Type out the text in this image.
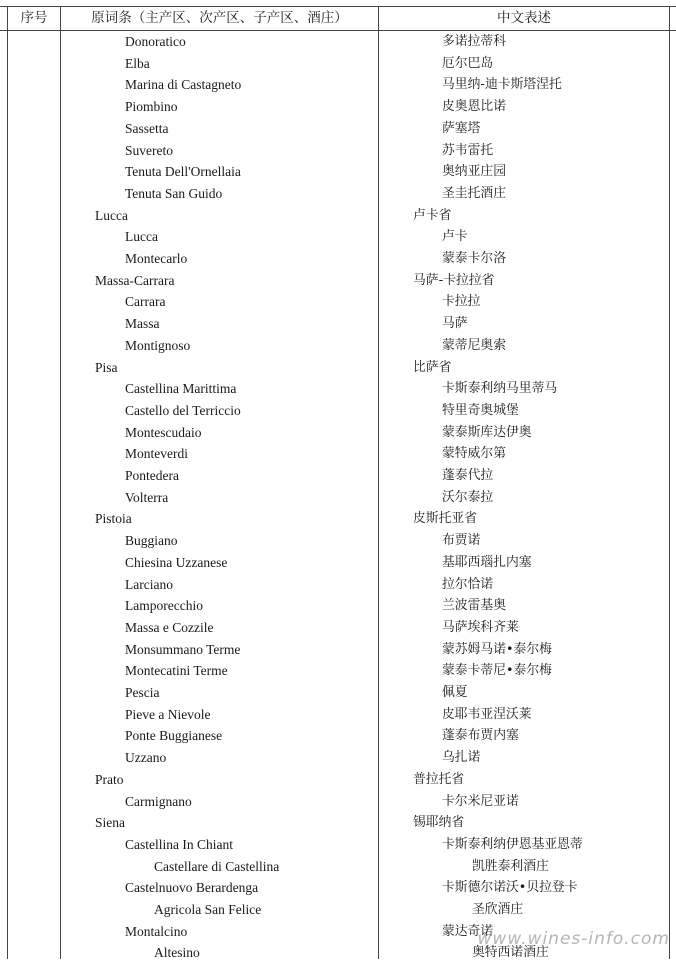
序号	原词条（主产区、次产区、子产区、酒庄）	中文表述
Donoratico	多诺拉蒂科
Elba	厄尔巴岛
Marina di Castagneto	马里纳-迪卡斯塔涅托
Piombino	皮奥恩比诺
Sassetta	萨塞塔
Suvereto	苏韦雷托
Tenuta Dell'Ornellaia	奥纳亚庄园
Tenuta San Guido	圣圭托酒庄
Lucca	卢卡省
Lucca	卢卡
Montecarlo	蒙泰卡尔洛
Massa-Carrara	马萨-卡拉拉省
Carrara	卡拉拉
Massa	马萨
Montignoso	蒙蒂尼奥索
Pisa	比萨省
Castellina Marittima	卡斯泰利纳马里蒂马
Castello del Terriccio	特里奇奥城堡
Montescudaio	蒙泰斯库达伊奥
Monteverdi	蒙特威尔第
Pontedera	蓬泰代拉
Volterra	沃尔泰拉
Pistoia	皮斯托亚省
Buggiano	布贾诺
Chiesina Uzzanese	基耶西瑙扎内塞
Larciano	拉尔恰诺
Lamporecchio	兰波雷基奥
Massa e Cozzile	马萨埃科齐莱
Monsummano Terme	蒙苏姆马诺•泰尔梅
Montecatini Terme	蒙泰卡蒂尼•泰尔梅
Pescia	佩夏
Pieve a Nievole	皮耶韦亚涅沃莱
Ponte Buggianese	蓬泰布贾内塞
Uzzano	乌扎诺
Prato	普拉托省
Carmignano	卡尔米尼亚诺
Siena	锡耶纳省
Castellina In Chiant	卡斯泰利纳伊恩基亚恩蒂
Castellare di Castellina	凯胜泰利酒庄
Castelnuovo Berardenga	卡斯德尔诺沃•贝拉登卡
Agricola San Felice	圣欣酒庄
Montalcino	蒙达奇诺
Altesino	奥特西诺酒庄
www.wines-info.com
